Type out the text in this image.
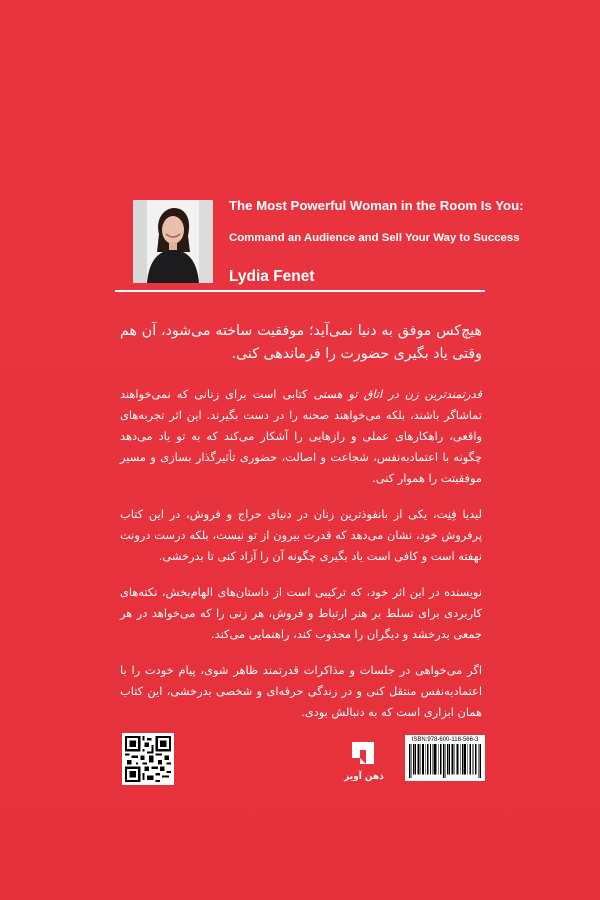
The Most Powerful Woman in the Room Is You:
Command an Audience and Sell Your Way to Success
Lydia Fenet

هیچ‌کس موفق به دنیا نمی‌آید؛ موفقیت ساخته می‌شود، آن هم وقتی یاد بگیری حضورت را فرماندهی کنی.

قدرتمندترین زن در اتاق تو هستی کتابی است برای زنانی که نمی‌خواهند تماشاگر باشند، بلکه می‌خواهند صحنه را در دست بگیرند. این اثر تجربه‌های واقعی، راهکارهای عملی و رازهایی را آشکار می‌کند که به تو یاد می‌دهد چگونه با اعتمادبه‌نفس، شجاعت و اصالت، حضوری تأثیرگذار بسازی و مسیر موفقیتت را هموار کنی.

لیدیا فِنِت، یکی از بانفوذترین زنان در دنیای حراج و فروش، در این کتاب پرفروش خود، نشان می‌دهد که قدرت بیرون از تو نیست، بلکه درست درونت نهفته است و کافی است یاد بگیری چگونه آن را آزاد کنی تا بدرخشی.

نویسنده در این اثر خود، که ترکیبی است از داستان‌های الهام‌بخش، نکته‌های کاربردی برای تسلط بر هنر ارتباط و فروش، هر زنی را که می‌خواهد در هر جمعی بدرخشد و دیگران را مجذوب کند، راهنمایی می‌کند.

اگر می‌خواهی در جلسات و مذاکرات قدرتمند ظاهر شوی، پیام خودت را با اعتمادبه‌نفس منتقل کنی و در زندگی حرفه‌ای و شخصی بدرخشی، این کتاب همان ابزاری است که به دنبالش بودی.

ذهن آویز
ISBN:978-600-118-566-3
